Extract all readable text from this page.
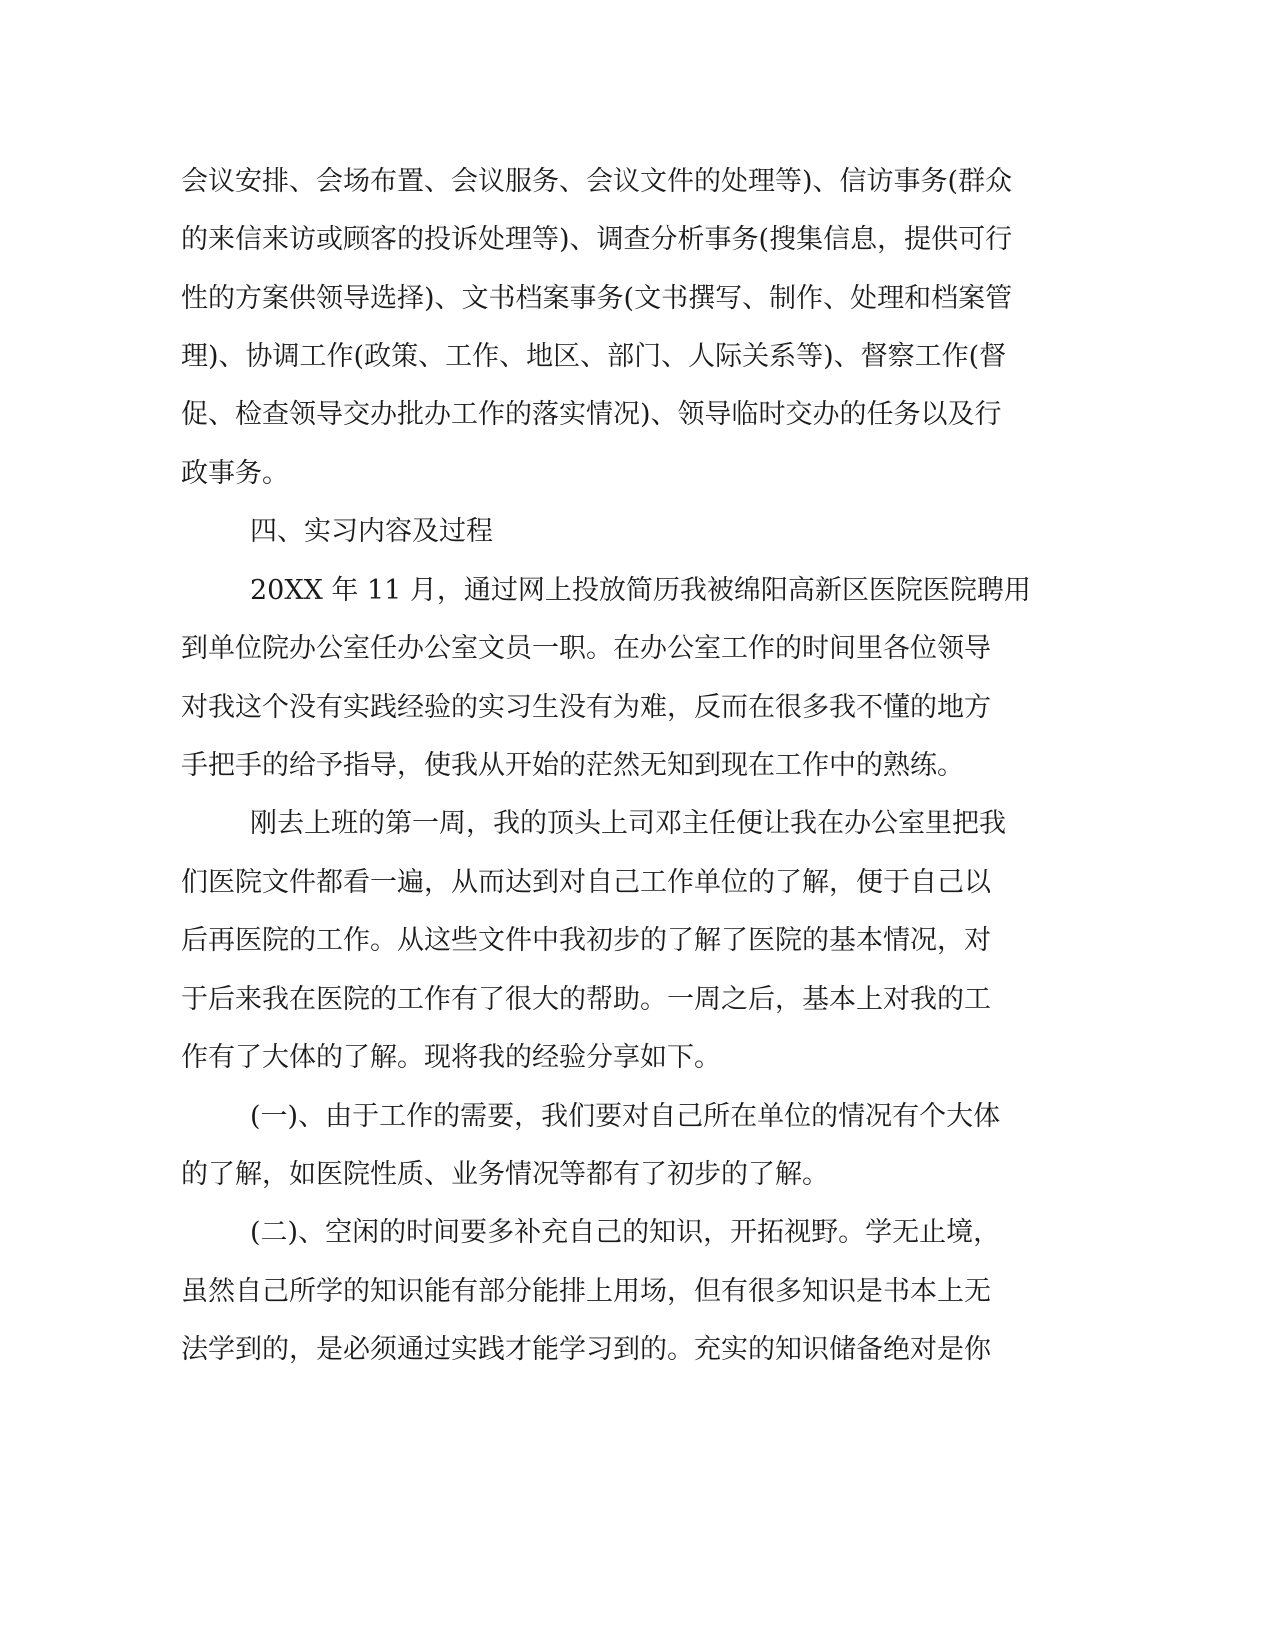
会议安排、会场布置、会议服务、会议文件的处理等)、信访事务(群众
的来信来访或顾客的投诉处理等)、调查分析事务(搜集信息，提供可行
性的方案供领导选择)、文书档案事务(文书撰写、制作、处理和档案管
理)、协调工作(政策、工作、地区、部门、人际关系等)、督察工作(督
促、检查领导交办批办工作的落实情况)、领导临时交办的任务以及行
政事务。
四、实习内容及过程
20XX 年 11 月，通过网上投放简历我被绵阳高新区医院医院聘用
到单位院办公室任办公室文员一职。在办公室工作的时间里各位领导
对我这个没有实践经验的实习生没有为难，反而在很多我不懂的地方
手把手的给予指导，使我从开始的茫然无知到现在工作中的熟练。
刚去上班的第一周，我的顶头上司邓主任便让我在办公室里把我
们医院文件都看一遍，从而达到对自己工作单位的了解，便于自己以
后再医院的工作。从这些文件中我初步的了解了医院的基本情况，对
于后来我在医院的工作有了很大的帮助。一周之后，基本上对我的工
作有了大体的了解。现将我的经验分享如下。
(一)、由于工作的需要，我们要对自己所在单位的情况有个大体
的了解，如医院性质、业务情况等都有了初步的了解。
(二)、空闲的时间要多补充自己的知识，开拓视野。学无止境，
虽然自己所学的知识能有部分能排上用场，但有很多知识是书本上无
法学到的，是必须通过实践才能学习到的。充实的知识储备绝对是你
